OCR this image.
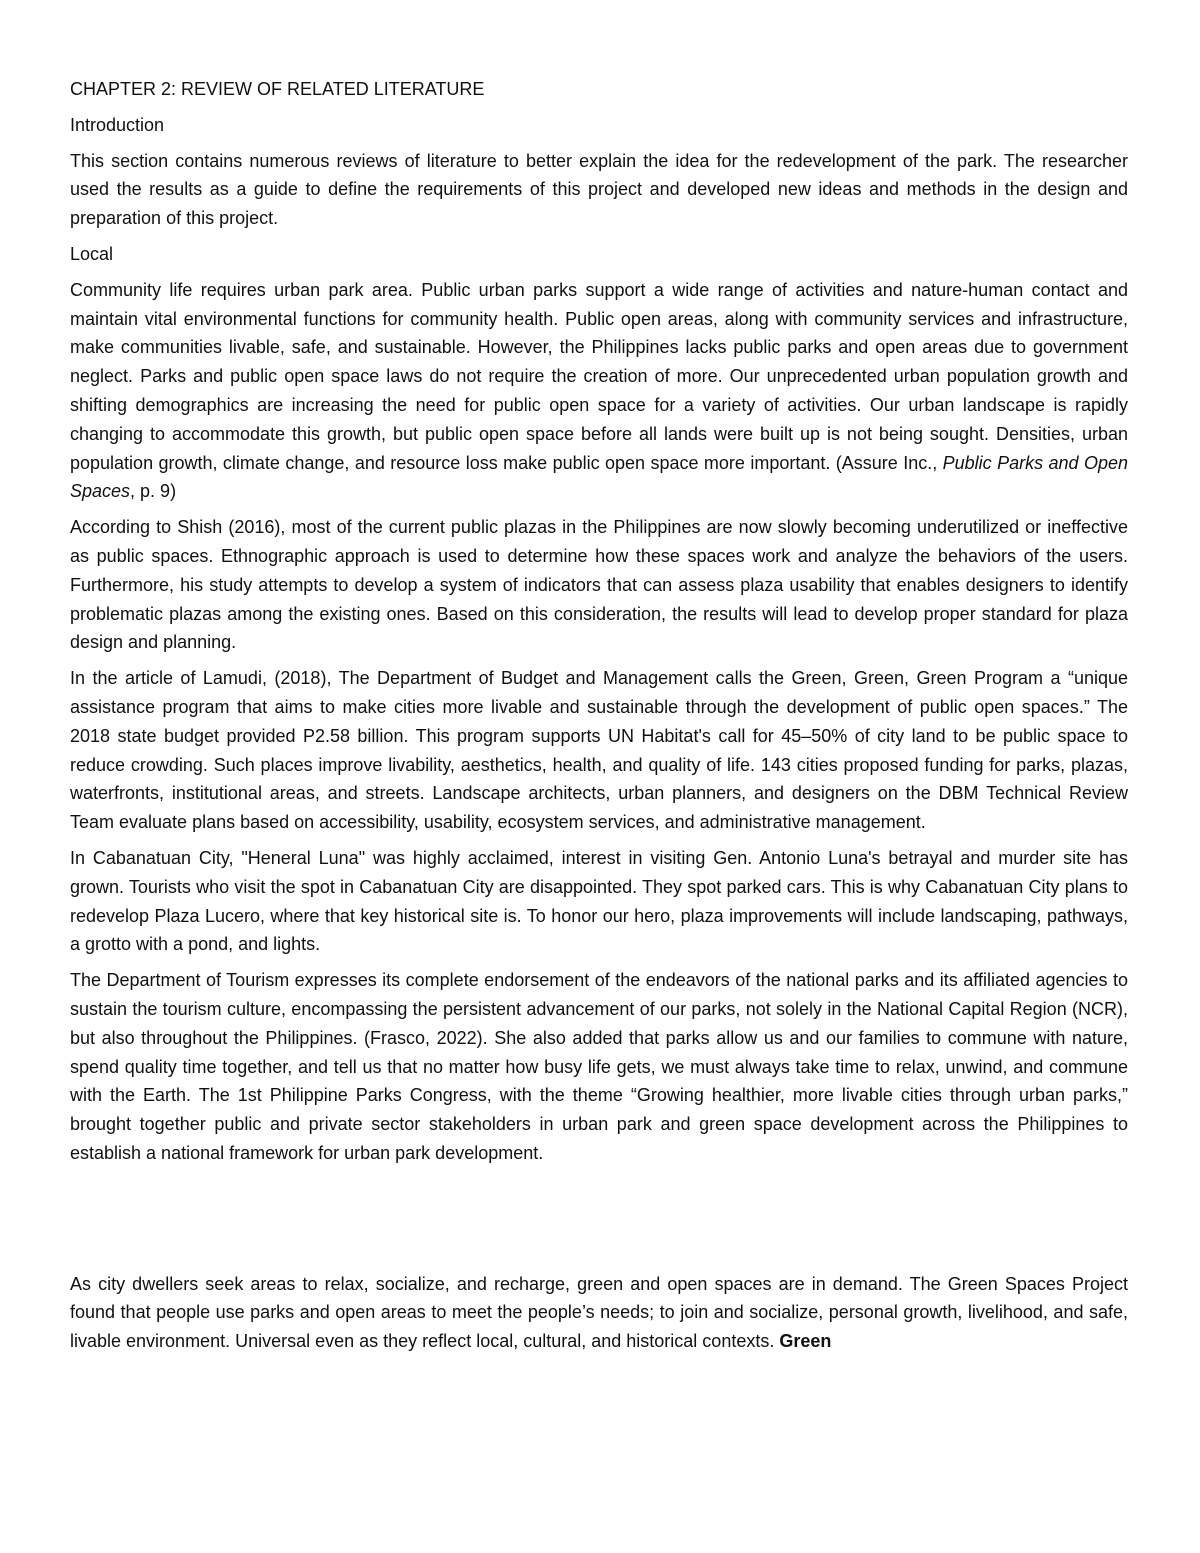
CHAPTER 2: REVIEW OF RELATED LITERATURE

Introduction

This section contains numerous reviews of literature to better explain the idea for the redevelopment of the park. The researcher used the results as a guide to define the requirements of this project and developed new ideas and methods in the design and preparation of this project.

Local

Community life requires urban park area. Public urban parks support a wide range of activities and nature-human contact and maintain vital environmental functions for community health. Public open areas, along with community services and infrastructure, make communities livable, safe, and sustainable. However, the Philippines lacks public parks and open areas due to government neglect. Parks and public open space laws do not require the creation of more. Our unprecedented urban population growth and shifting demographics are increasing the need for public open space for a variety of activities. Our urban landscape is rapidly changing to accommodate this growth, but public open space before all lands were built up is not being sought. Densities, urban population growth, climate change, and resource loss make public open space more important. (Assure Inc., Public Parks and Open Spaces, p. 9)

According to Shish (2016), most of the current public plazas in the Philippines are now slowly becoming underutilized or ineffective as public spaces. Ethnographic approach is used to determine how these spaces work and analyze the behaviors of the users. Furthermore, his study attempts to develop a system of indicators that can assess plaza usability that enables designers to identify problematic plazas among the existing ones. Based on this consideration, the results will lead to develop proper standard for plaza design and planning.

In the article of Lamudi, (2018), The Department of Budget and Management calls the Green, Green, Green Program a “unique assistance program that aims to make cities more livable and sustainable through the development of public open spaces.” The 2018 state budget provided P2.58 billion. This program supports UN Habitat's call for 45–50% of city land to be public space to reduce crowding. Such places improve livability, aesthetics, health, and quality of life. 143 cities proposed funding for parks, plazas, waterfronts, institutional areas, and streets. Landscape architects, urban planners, and designers on the DBM Technical Review Team evaluate plans based on accessibility, usability, ecosystem services, and administrative management.

In Cabanatuan City, "Heneral Luna" was highly acclaimed, interest in visiting Gen. Antonio Luna's betrayal and murder site has grown. Tourists who visit the spot in Cabanatuan City are disappointed. They spot parked cars. This is why Cabanatuan City plans to redevelop Plaza Lucero, where that key historical site is. To honor our hero, plaza improvements will include landscaping, pathways, a grotto with a pond, and lights.

The Department of Tourism expresses its complete endorsement of the endeavors of the national parks and its affiliated agencies to sustain the tourism culture, encompassing the persistent advancement of our parks, not solely in the National Capital Region (NCR), but also throughout the Philippines. (Frasco, 2022). She also added that parks allow us and our families to commune with nature, spend quality time together, and tell us that no matter how busy life gets, we must always take time to relax, unwind, and commune with the Earth. The 1st Philippine Parks Congress, with the theme “Growing healthier, more livable cities through urban parks,” brought together public and private sector stakeholders in urban park and green space development across the Philippines to establish a national framework for urban park development.

As city dwellers seek areas to relax, socialize, and recharge, green and open spaces are in demand. The Green Spaces Project found that people use parks and open areas to meet the people’s needs; to join and socialize, personal growth, livelihood, and safe, livable environment. Universal even as they reflect local, cultural, and historical contexts. Green
